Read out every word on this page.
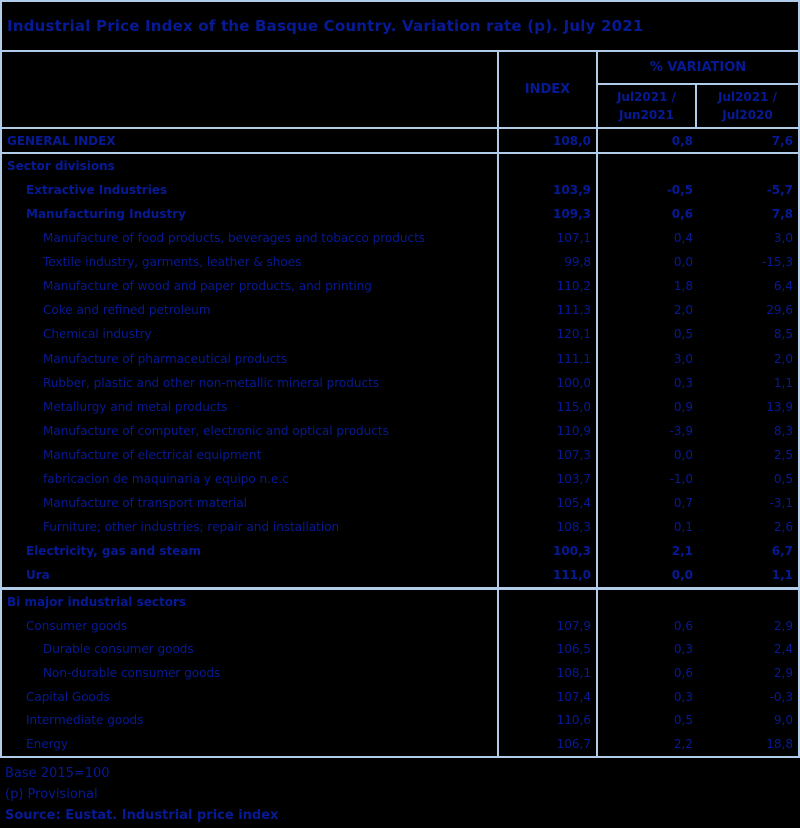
Industrial Price Index of the Basque Country. Variation rate (p). July 2021
INDEX
% VARIATION
Jul2021 / Jun2021
Jul2021 / Jul2020
GENERAL INDEX	108,0	0,8	7,6
Sector divisions
Extractive Industries	103,9	-0,5	-5,7
Manufacturing Industry	109,3	0,6	7,8
Manufacture of food products, beverages and tobacco products	107,1	0,4	3,0
Textile industry, garments, leather & shoes	99,8	0,0	-15,3
Manufacture of wood and paper products, and printing	110,2	1,8	6,4
Coke and refined petroleum	111,3	2,0	29,6
Chemical industry	120,1	0,5	8,5
Manufacture of pharmaceutical products	111,1	3,0	2,0
Rubber, plastic and other non-metallic mineral products	100,0	0,3	1,1
Metallurgy and metal products	115,0	0,9	13,9
Manufacture of computer, electronic and optical products	110,9	-3,9	8,3
Manufacture of electrical equipment	107,3	0,0	2,5
fabricacion de maquinaria y equipo n.e.c	103,7	-1,0	0,5
Manufacture of transport material	105,4	0,7	-3,1
Furniture; other industries; repair and installation	108,3	0,1	2,6
Electricity, gas and steam	100,3	2,1	6,7
Ura	111,0	0,0	1,1
Bi major industrial sectors
Consumer goods	107,9	0,6	2,9
Durable consumer goods	106,5	0,3	2,4
Non-durable consumer goods	108,1	0,6	2,9
Capital Goods	107,4	0,3	-0,3
Intermediate goods	110,6	0,5	9,0
Energy	106,7	2,2	18,8
Base 2015=100
(p) Provisional
Source: Eustat. Industrial price index
